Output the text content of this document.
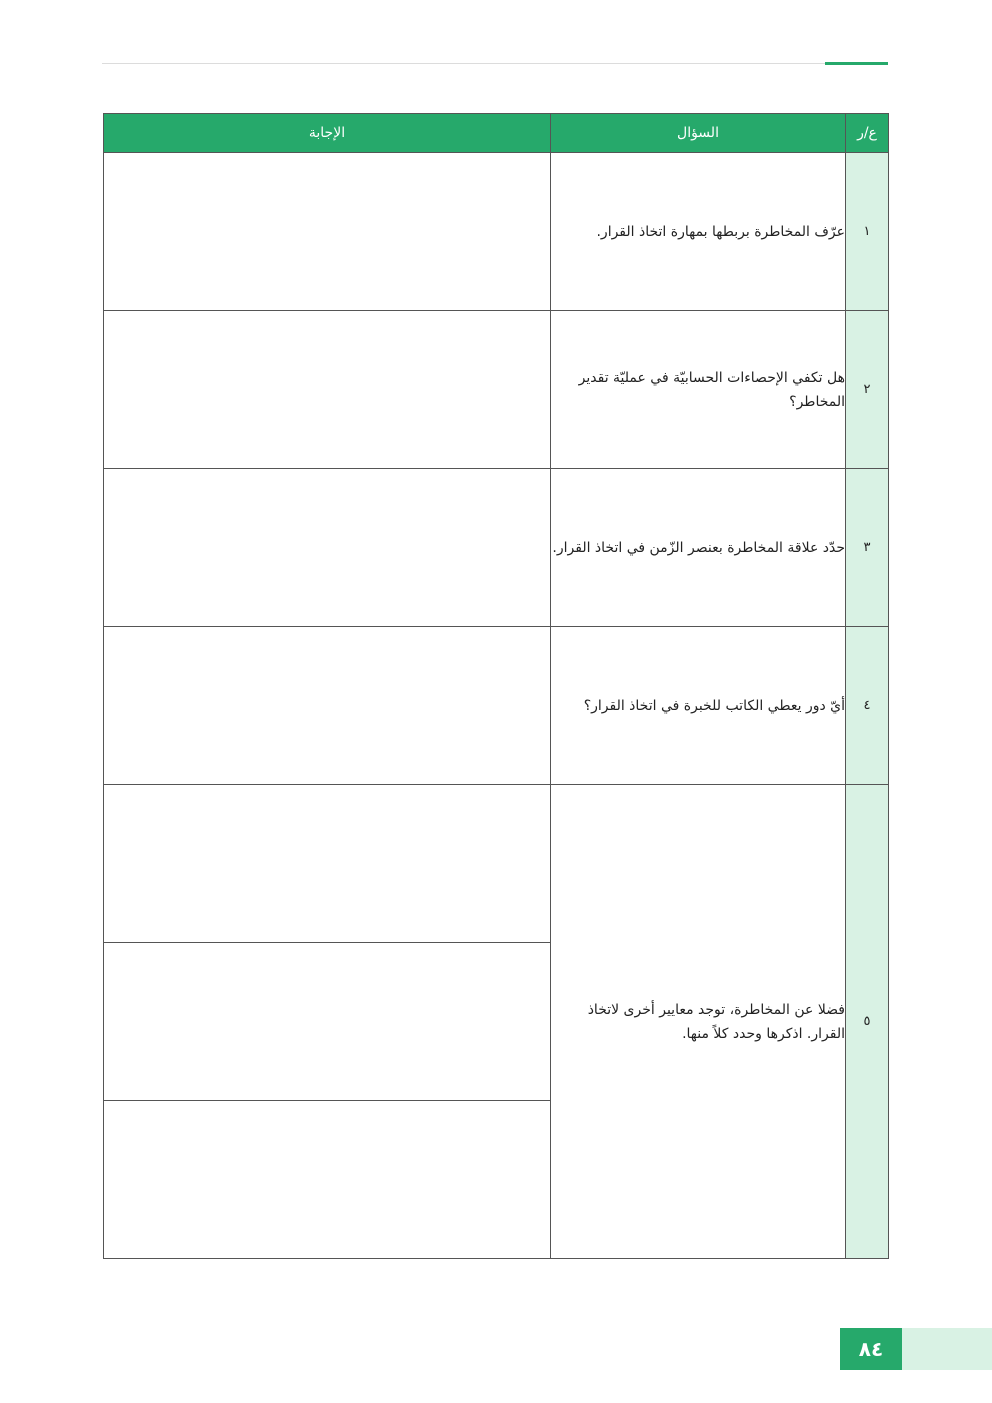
ع/ر	السؤال	الإجابة
١	عرّف المخاطرة بربطها بمهارة اتخاذ القرار.	
٢	هل تكفي الإحصاءات الحسابيّة في عمليّة تقدير المخاطر؟	
٣	حدّد علاقة المخاطرة بعنصر الزّمن في اتخاذ القرار.	
٤	أيّ دور يعطي الكاتب للخبرة في اتخاذ القرار؟	
٥	فضلا عن المخاطرة، توجد معايير أخرى لاتخاذ القرار. اذكرها وحدد كلاً منها.	

٨٤
